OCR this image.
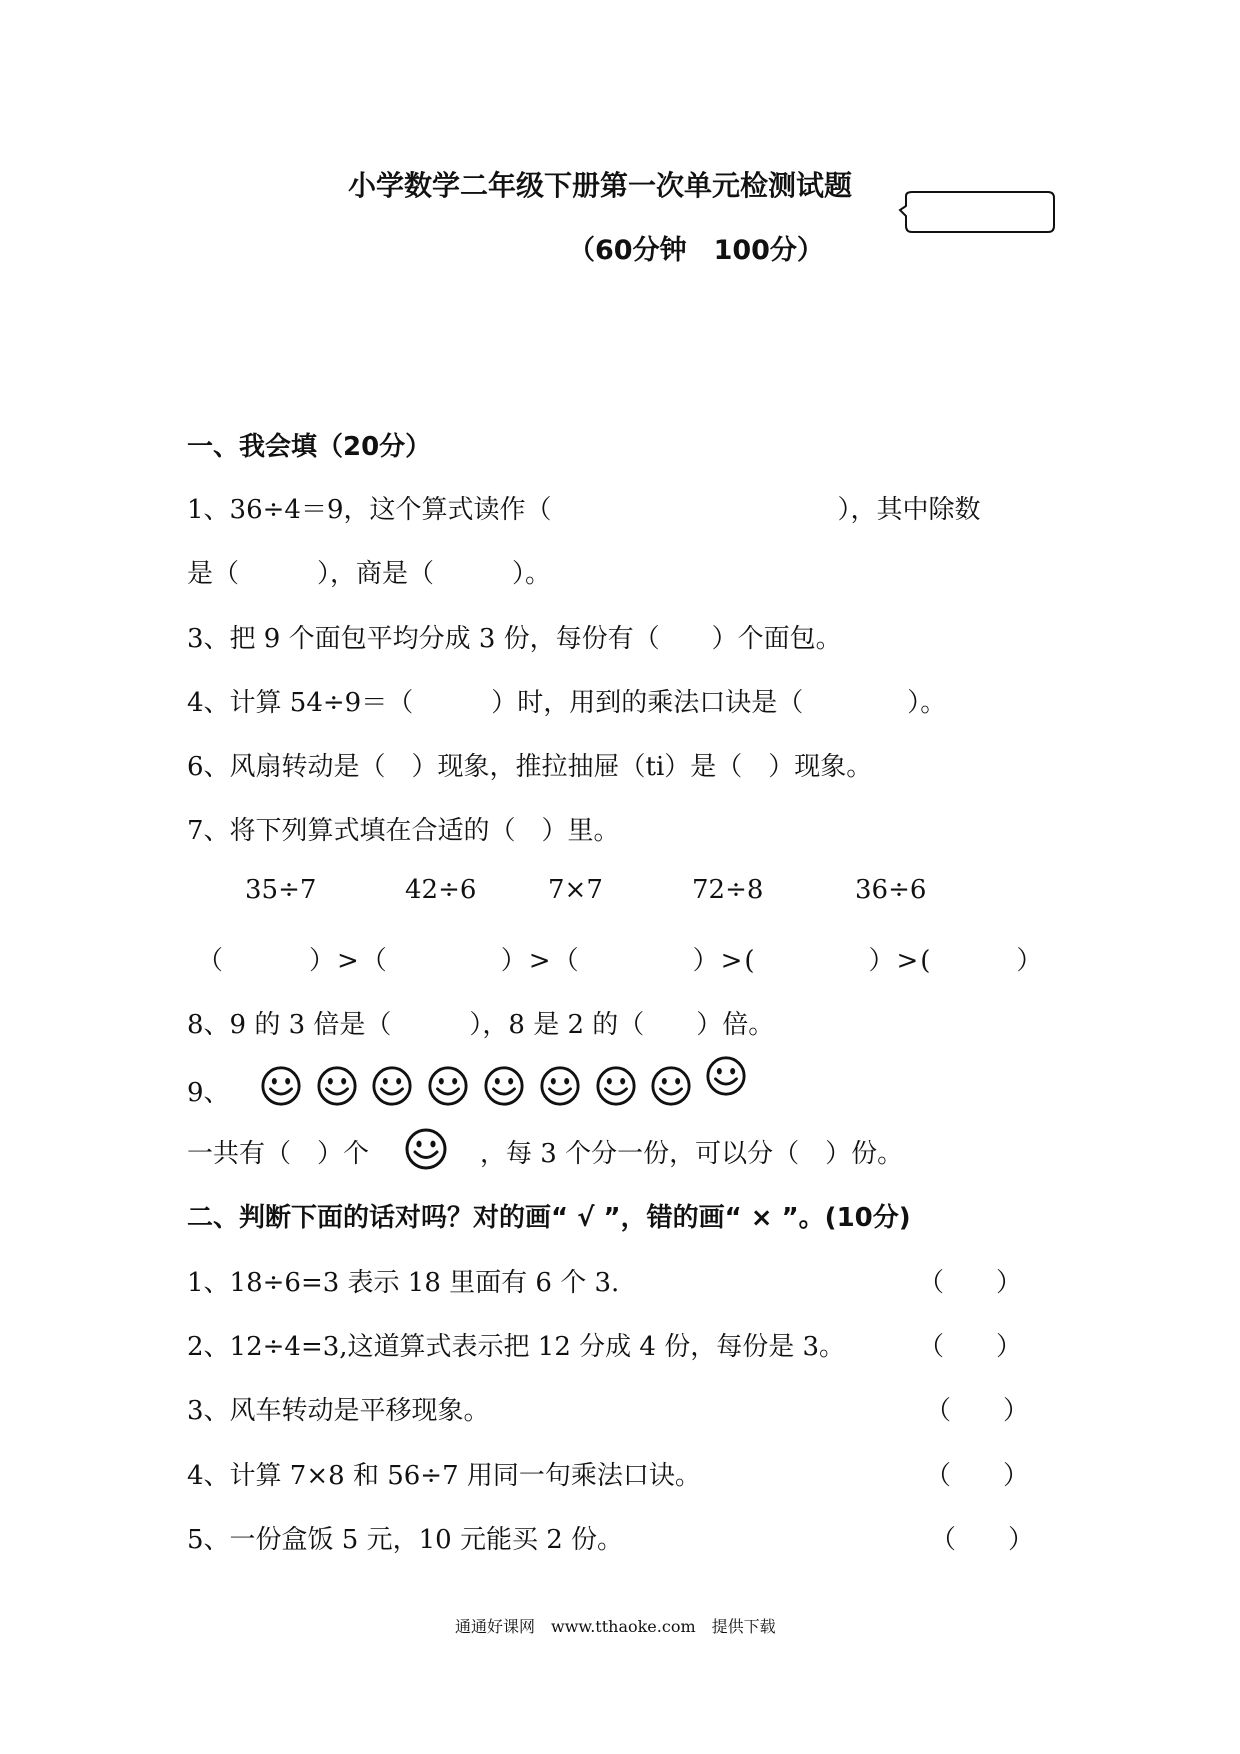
小学数学二年级下册第一次单元检测试题
（60分钟　100分）
一、我会填（20分）
1、36÷4＝9，这个算式读作（　　　　　　　　　　　），其中除数
是（　　　），商是（　　　）。
3、把 9 个面包平均分成 3 份，每份有（　　）个面包。
4、计算 54÷9＝（　　　）时，用到的乘法口诀是（　　　　）。
6、风扇转动是（　）现象，推拉抽屉（ti）是（　）现象。
7、将下列算式填在合适的（　）里。
35÷7	42÷6	7×7	72÷8	36÷6
（　　　）>（　　　　）>（　　　　）>(　　　　）>(　　　）
8、9 的 3 倍是（　　　），8 是 2 的（　　）倍。
9、
一共有（　）个	，每 3 个分一份，可以分（　）份。
二、判断下面的话对吗？对的画“ √ ”，错的画“ × ”。(10分)
1、18÷6=3 表示 18 里面有 6 个 3.	（　　）
2、12÷4=3,这道算式表示把 12 分成 4 份，每份是 3。	（　　）
3、风车转动是平移现象。	（　　）
4、计算 7×8 和 56÷7 用同一句乘法口诀。	（　　）
5、一份盒饭 5 元，10 元能买 2 份。	（　　）
通通好课网　www.tthaoke.com　提供下载
